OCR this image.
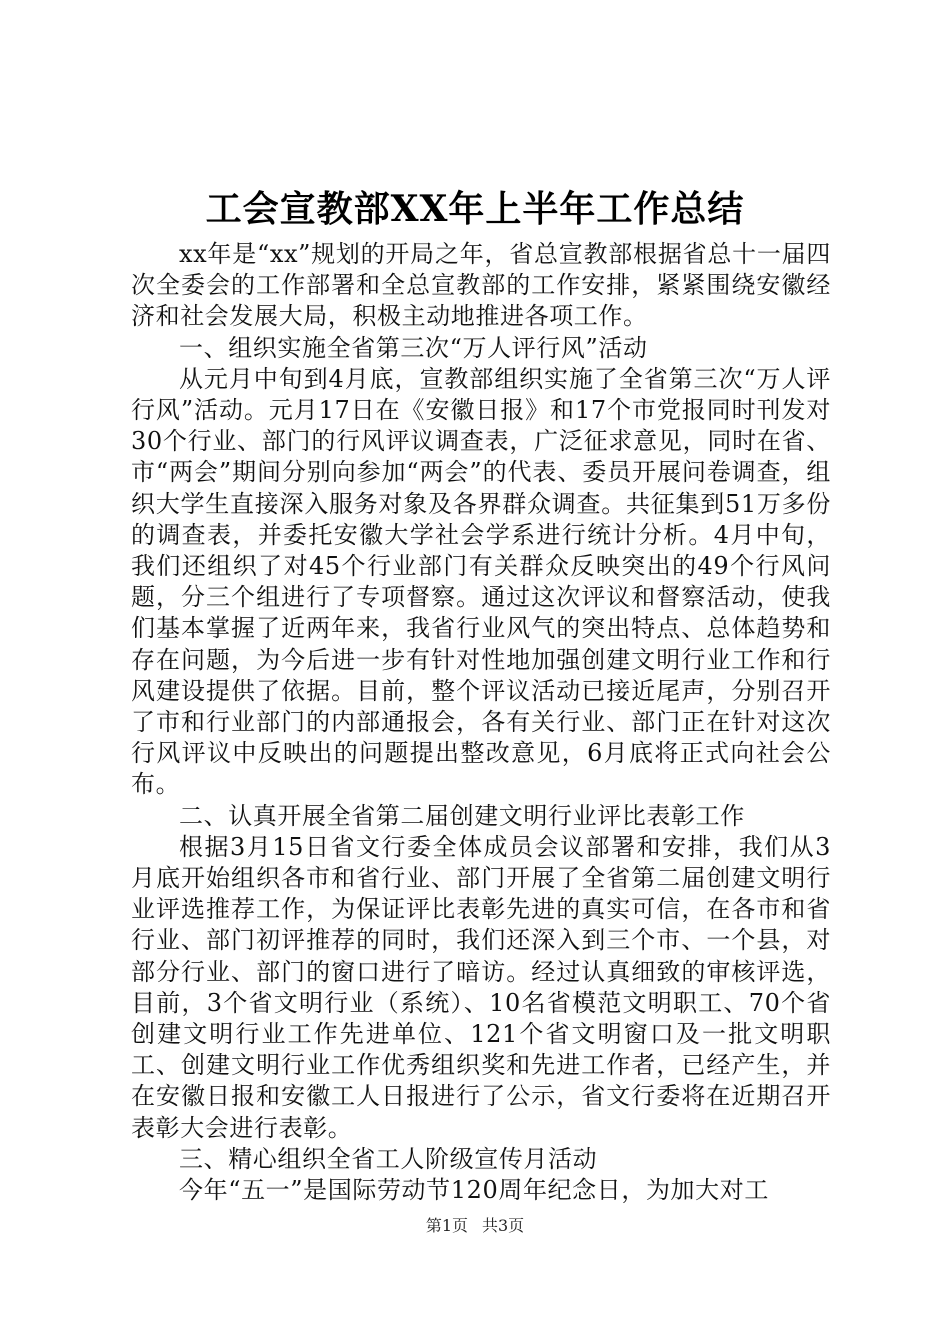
工会宣教部XX年上半年工作总结

xx年是“xx”规划的开局之年，省总宣教部根据省总十一届四次全委会的工作部署和全总宣教部的工作安排，紧紧围绕安徽经济和社会发展大局，积极主动地推进各项工作。

一、组织实施全省第三次“万人评行风”活动

从元月中旬到4月底，宣教部组织实施了全省第三次“万人评行风”活动。元月17日在《安徽日报》和17个市党报同时刊发对30个行业、部门的行风评议调查表，广泛征求意见，同时在省、市“两会”期间分别向参加“两会”的代表、委员开展问卷调查，组织大学生直接深入服务对象及各界群众调查。共征集到51万多份的调查表，并委托安徽大学社会学系进行统计分析。4月中旬，我们还组织了对45个行业部门有关群众反映突出的49个行风问题，分三个组进行了专项督察。通过这次评议和督察活动，使我们基本掌握了近两年来，我省行业风气的突出特点、总体趋势和存在问题，为今后进一步有针对性地加强创建文明行业工作和行风建设提供了依据。目前，整个评议活动已接近尾声，分别召开了市和行业部门的内部通报会，各有关行业、部门正在针对这次行风评议中反映出的问题提出整改意见，6月底将正式向社会公布。

二、认真开展全省第二届创建文明行业评比表彰工作

根据3月15日省文行委全体成员会议部署和安排，我们从3月底开始组织各市和省行业、部门开展了全省第二届创建文明行业评选推荐工作，为保证评比表彰先进的真实可信，在各市和省行业、部门初评推荐的同时，我们还深入到三个市、一个县，对部分行业、部门的窗口进行了暗访。经过认真细致的审核评选，目前，3个省文明行业（系统）、10名省模范文明职工、70个省创建文明行业工作先进单位、121个省文明窗口及一批文明职工、创建文明行业工作优秀组织奖和先进工作者，已经产生，并在安徽日报和安徽工人日报进行了公示，省文行委将在近期召开表彰大会进行表彰。

三、精心组织全省工人阶级宣传月活动

今年“五一”是国际劳动节120周年纪念日，为加大对工

第1页 共3页
